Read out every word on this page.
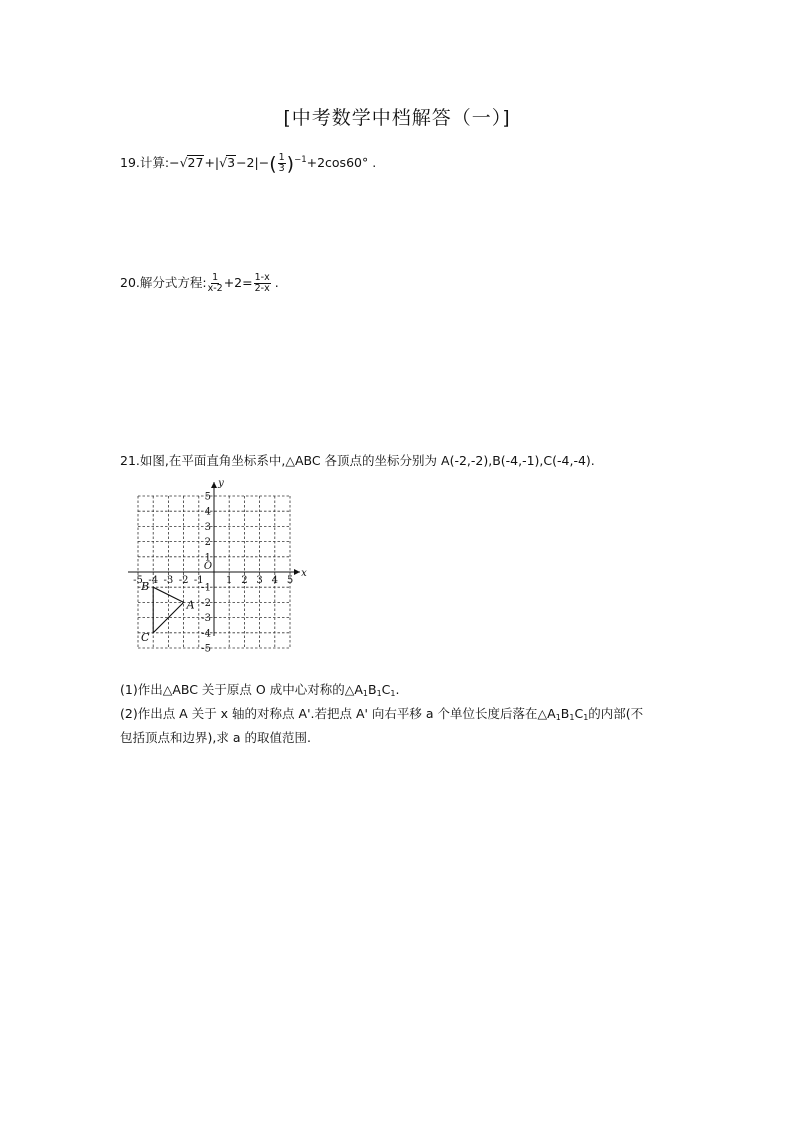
[中考数学中档解答（一）]
19.计算:−√27+|√3−2|−( $\frac{1}{3} )^{-1}+2\cos 60^\circ$ .
20.解分式方程: $\frac{1}{x-2} +2= \frac{1-x}{2-x}$ .
21.如图,在平面直角坐标系中,△ABC 各顶点的坐标分别为 A(-2,-2),B(-4,-1),C(-4,-4).
-5 -4 -3 -2 -1 1 2 3 4 5
5
4
3
2
1
-1
-2
-3
-4
-5
O
x
y
A
B
C
(1)作出△ABC 关于原点 O 成中心对称的$\triangle A_1B_1C_1$.
(2)作出点 A 关于 x 轴的对称点 A'.若把点 A' 向右平移 a 个单位长度后落在$\triangle A_1B_1C_1$的内部(不
包括顶点和边界),求 a 的取值范围.
